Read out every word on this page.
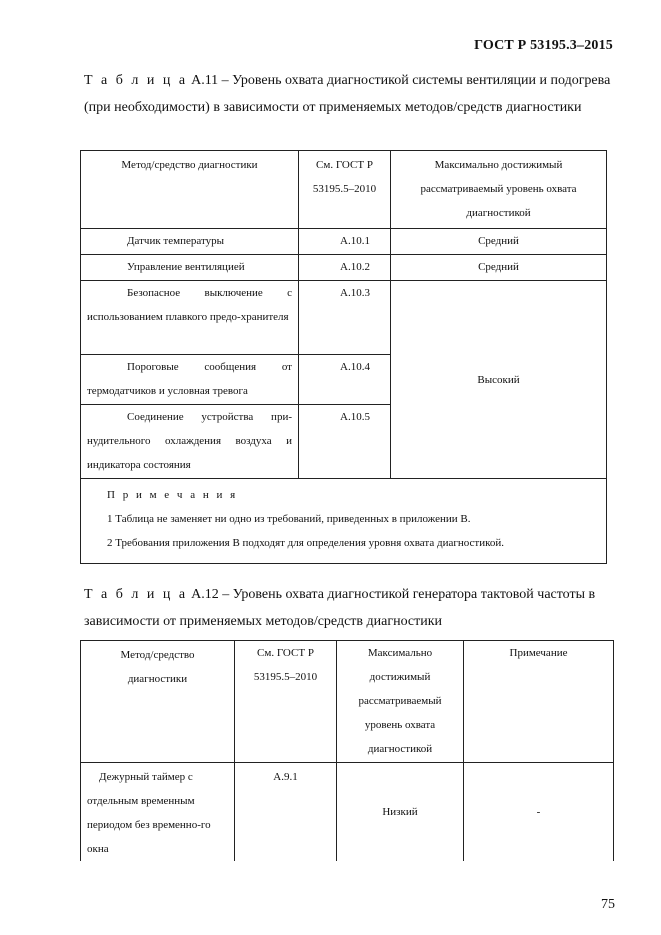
ГОСТ Р 53195.3–2015
Т а б л и ц а А.11 – Уровень охвата диагностикой системы вентиляции и подогрева (при необходимости) в зависимости от применяемых методов/средств диагностики
Метод/средство диагностики	См. ГОСТ Р 53195.5–2010	Максимально достижимый рассматриваемый уровень охвата диагностикой
Датчик температуры	А.10.1	Средний
Управление вентиляцией	А.10.2	Средний
Безопасное выключение с использованием плавкого предо-хранителя	А.10.3	Высокий
Пороговые сообщения от термодатчиков и условная тревога	А.10.4	
Соединение устройства при-нудительного охлаждения воздуха и индикатора состояния	А.10.5	

П р и м е ч а н и я
1 Таблица не заменяет ни одно из требований, приведенных в приложении В.
2 Требования приложения В подходят для определения уровня охвата диагностикой.		
Т а б л и ц а А.12 – Уровень охвата диагностикой генератора тактовой частоты в зависимости от применяемых методов/средств диагностики
Метод/средство диагностики	См. ГОСТ Р 53195.5–2010	Максимально достижимый рассматриваемый уровень охвата диагностикой	Примечание
Дежурный таймер с отдельным временным периодом без временно-го окна	А.9.1	Низкий	-
75
